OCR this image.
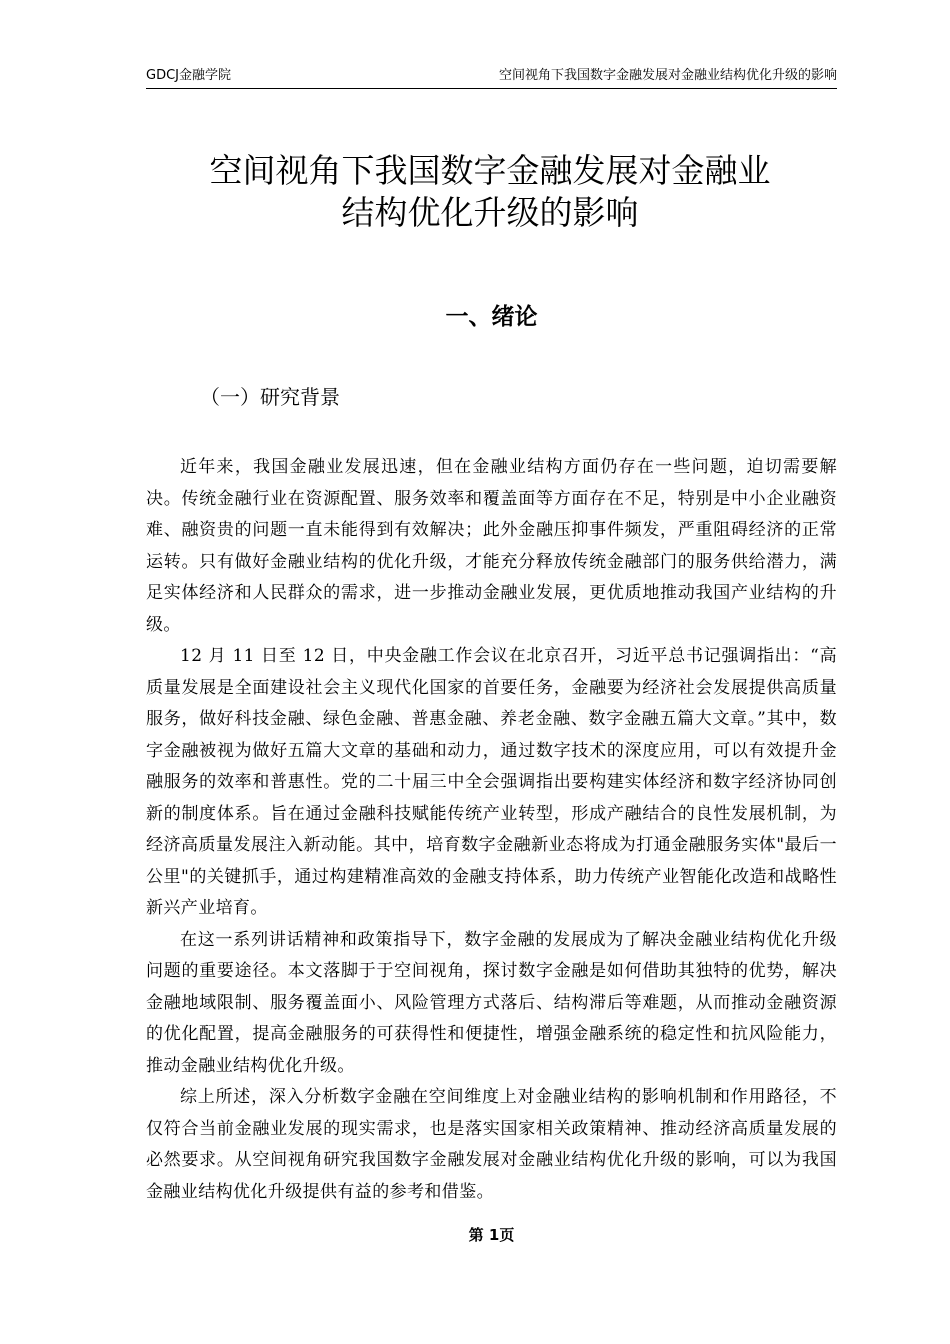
GDCJ金融学院	空间视角下我国数字金融发展对金融业结构优化升级的影响
空间视角下我国数字金融发展对金融业
结构优化升级的影响
一、绪论
（一）研究背景

近年来，我国金融业发展迅速，但在金融业结构方面仍存在一些问题，迫切需要解决。传统金融行业在资源配置、服务效率和覆盖面等方面存在不足，特别是中小企业融资难、融资贵的问题一直未能得到有效解决；此外金融压抑事件频发，严重阻碍经济的正常运转。只有做好金融业结构的优化升级，才能充分释放传统金融部门的服务供给潜力，满足实体经济和人民群众的需求，进一步推动金融业发展，更优质地推动我国产业结构的升级。

12 月 11 日至 12 日，中央金融工作会议在北京召开，习近平总书记强调指出：“高质量发展是全面建设社会主义现代化国家的首要任务，金融要为经济社会发展提供高质量服务，做好科技金融、绿色金融、普惠金融、养老金融、数字金融五篇大文章。”其中，数字金融被视为做好五篇大文章的基础和动力，通过数字技术的深度应用，可以有效提升金融服务的效率和普惠性。党的二十届三中全会强调指出要构建实体经济和数字经济协同创新的制度体系。旨在通过金融科技赋能传统产业转型，形成产融结合的良性发展机制，为经济高质量发展注入新动能。其中，培育数字金融新业态将成为打通金融服务实体"最后一公里"的关键抓手，通过构建精准高效的金融支持体系，助力传统产业智能化改造和战略性新兴产业培育。

在这一系列讲话精神和政策指导下，数字金融的发展成为了解决金融业结构优化升级问题的重要途径。本文落脚于于空间视角，探讨数字金融是如何借助其独特的优势，解决金融地域限制、服务覆盖面小、风险管理方式落后、结构滞后等难题，从而推动金融资源的优化配置，提高金融服务的可获得性和便捷性，增强金融系统的稳定性和抗风险能力，推动金融业结构优化升级。

综上所述，深入分析数字金融在空间维度上对金融业结构的影响机制和作用路径，不仅符合当前金融业发展的现实需求，也是落实国家相关政策精神、推动经济高质量发展的必然要求。从空间视角研究我国数字金融发展对金融业结构优化升级的影响，可以为我国金融业结构优化升级提供有益的参考和借鉴。

第 1页
